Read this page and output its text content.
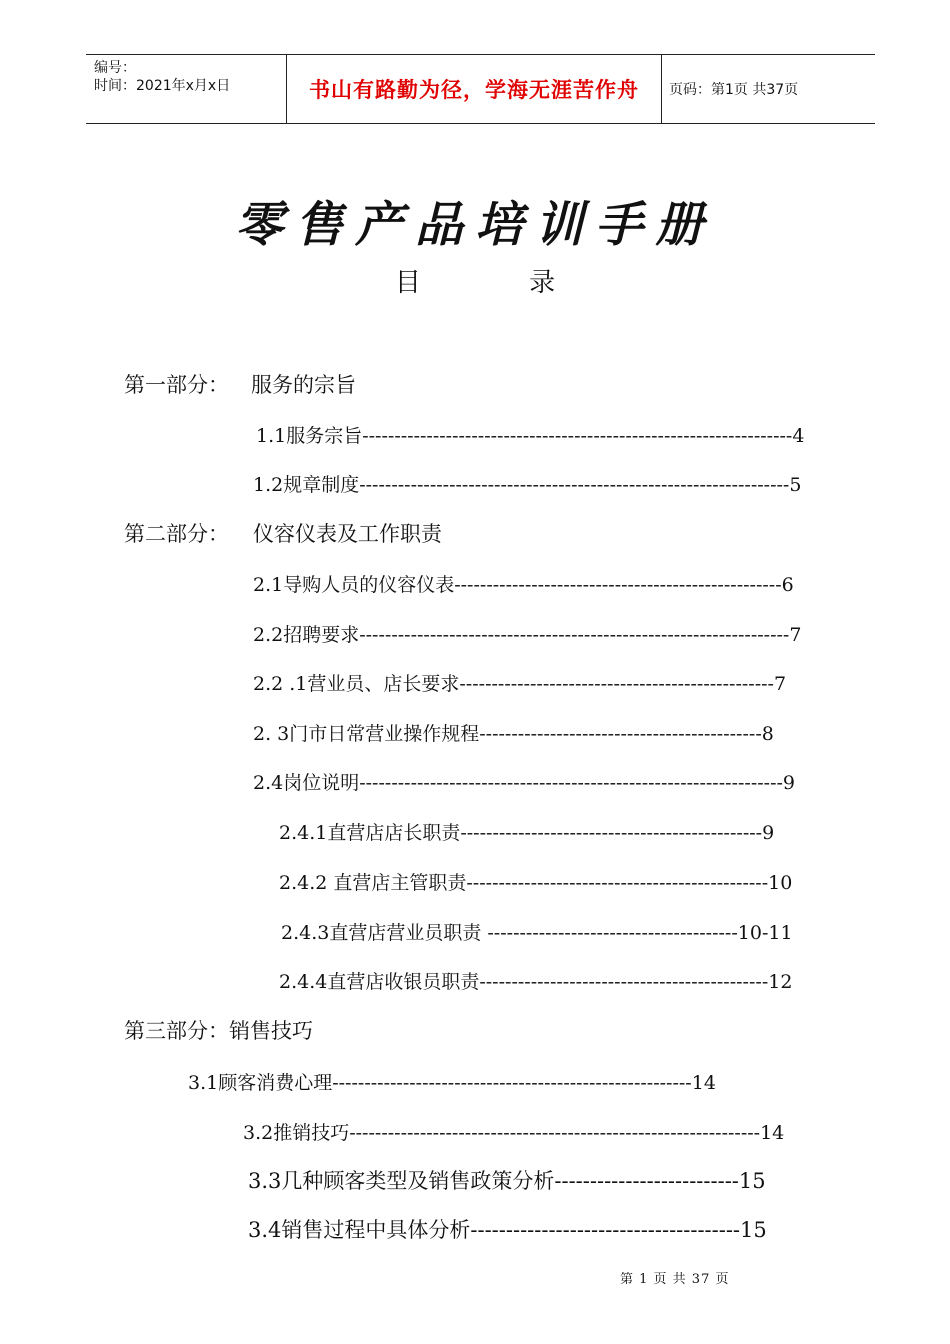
编号：
时间：2021年x月x日	书山有路勤为径，学海无涯苦作舟 页码：第1页 共37页
零售产品培训手册
目 录
第一部分： 服务的宗旨
1.1服务宗旨-------------------------------------------------------------------4
1.2规章制度-------------------------------------------------------------------5
第二部分： 仪容仪表及工作职责
2.1导购人员的仪容仪表---------------------------------------------------6
2.2招聘要求-------------------------------------------------------------------7
2.2 .1营业员、店长要求-------------------------------------------------7
2. 3门市日常营业操作规程--------------------------------------------8
2.4岗位说明------------------------------------------------------------------9
2.4.1直营店店长职责-----------------------------------------------9
2.4.2 直营店主管职责-----------------------------------------------10
2.4.3直营店营业员职责 ---------------------------------------10-11
2.4.4直营店收银员职责---------------------------------------------12
第三部分：销售技巧
3.1顾客消费心理--------------------------------------------------------14
3.2推销技巧----------------------------------------------------------------14
3.3几种顾客类型及销售政策分析--------------------------15
3.4销售过程中具体分析--------------------------------------15
第 1 页 共 37 页
